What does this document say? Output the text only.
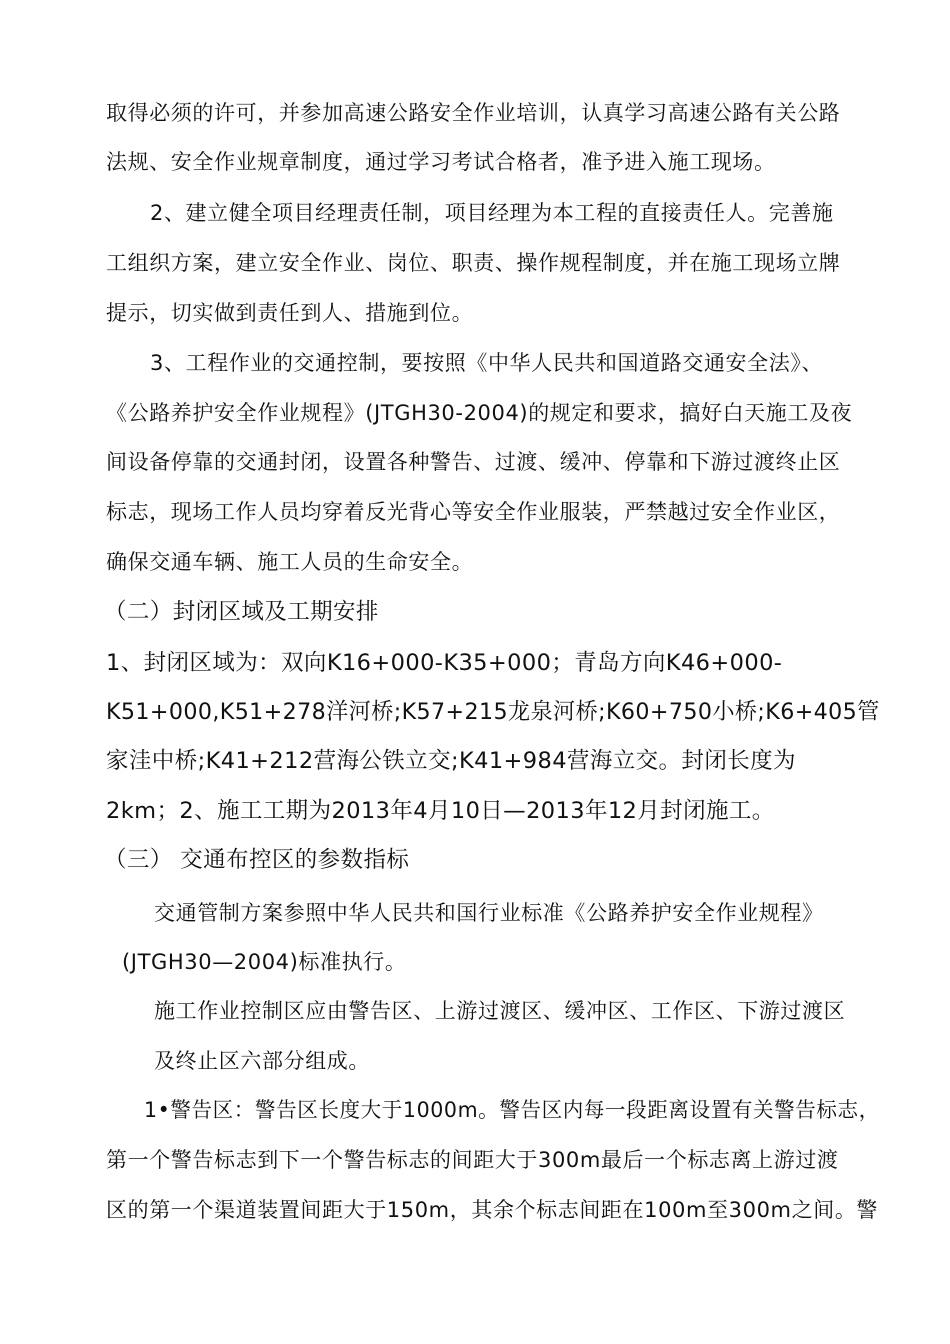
取得必须的许可，并参加高速公路安全作业培训，认真学习高速公路有关公路
法规、安全作业规章制度，通过学习考试合格者，准予进入施工现场。
2、建立健全项目经理责任制，项目经理为本工程的直接责任人。完善施
工组织方案，建立安全作业、岗位、职责、操作规程制度，并在施工现场立牌
提示，切实做到责任到人、措施到位。
3、工程作业的交通控制，要按照《中华人民共和国道路交通安全法》、
《公路养护安全作业规程》(JTGH30-2004)的规定和要求，搞好白天施工及夜
间设备停靠的交通封闭，设置各种警告、过渡、缓冲、停靠和下游过渡终止区
标志，现场工作人员均穿着反光背心等安全作业服装，严禁越过安全作业区，
确保交通车辆、施工人员的生命安全。
（二）封闭区域及工期安排
1、封闭区域为：双向K16+000-K35+000；青岛方向K46+000-
K51+000,K51+278洋河桥;K57+215龙泉河桥;K60+750小桥;K6+405管
家洼中桥;K41+212营海公铁立交;K41+984营海立交。封闭长度为
2km；2、施工工期为2013年4月10日—2013年12月封闭施工。
（三） 交通布控区的参数指标
交通管制方案参照中华人民共和国行业标准《公路养护安全作业规程》
(JTGH30—2004)标准执行。
施工作业控制区应由警告区、上游过渡区、缓冲区、工作区、下游过渡区
及终止区六部分组成。
1•警告区：警告区长度大于1000m。警告区内每一段距离设置有关警告标志，
第一个警告标志到下一个警告标志的间距大于300m最后一个标志离上游过渡
区的第一个渠道装置间距大于150m，其余个标志间距在100m至300m之间。警
